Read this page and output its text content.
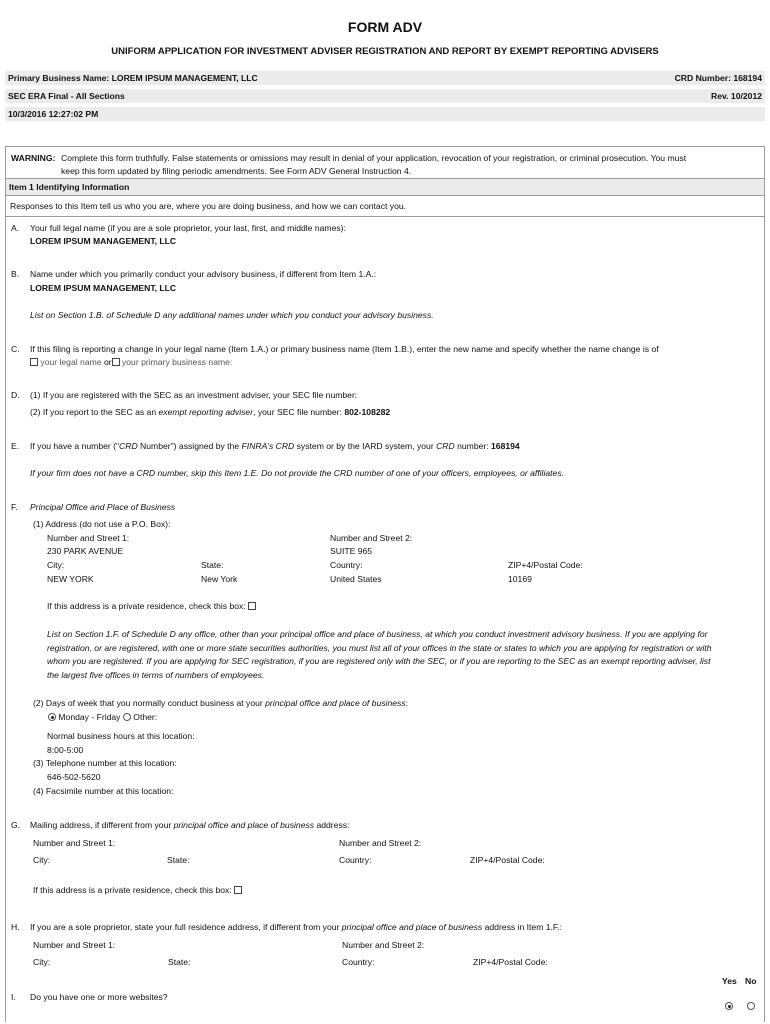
FORM ADV
UNIFORM APPLICATION FOR INVESTMENT ADVISER REGISTRATION AND REPORT BY EXEMPT REPORTING ADVISERS
Primary Business Name: LOREM IPSUM MANAGEMENT, LLC	CRD Number: 168194
SEC ERA Final - All Sections	Rev. 10/2012
10/3/2016 12:27:02 PM
WARNING: Complete this form truthfully. False statements or omissions may result in denial of your application, revocation of your registration, or criminal prosecution. You must
keep this form updated by filing periodic amendments. See Form ADV General Instruction 4.
Item 1 Identifying Information
Responses to this Item tell us who you are, where you are doing business, and how we can contact you.
A. Your full legal name (if you are a sole proprietor, your last, first, and middle names):
LOREM IPSUM MANAGEMENT, LLC
B. Name under which you primarily conduct your advisory business, if different from Item 1.A.:
LOREM IPSUM MANAGEMENT, LLC
List on Section 1.B. of Schedule D any additional names under which you conduct your advisory business.
C. If this filing is reporting a change in your legal name (Item 1.A.) or primary business name (Item 1.B.), enter the new name and specify whether the name change is of
your legal name or your primary business name:
D. (1) If you are registered with the SEC as an investment adviser, your SEC file number:
(2) If you report to the SEC as an exempt reporting adviser, your SEC file number: 802-108282
E. If you have a number ("CRD Number") assigned by the FINRA's CRD system or by the IARD system, your CRD number: 168194
If your firm does not have a CRD number, skip this Item 1.E. Do not provide the CRD number of one of your officers, employees, or affiliates.
F. Principal Office and Place of Business
(1) Address (do not use a P.O. Box):
Number and Street 1:	Number and Street 2:
230 PARK AVENUE	SUITE 965
City:	State:	Country:	ZIP+4/Postal Code:
NEW YORK	New York	United States	10169
If this address is a private residence, check this box:
List on Section 1.F. of Schedule D any office, other than your principal office and place of business, at which you conduct investment advisory business. If you are applying for
registration, or are registered, with one or more state securities authorities, you must list all of your offices in the state or states to which you are applying for registration or with
whom you are registered. If you are applying for SEC registration, if you are registered only with the SEC, or if you are reporting to the SEC as an exempt reporting adviser, list
the largest five offices in terms of numbers of employees.
(2) Days of week that you normally conduct business at your principal office and place of business:
Monday - Friday Other:
Normal business hours at this location:
8:00-5:00
(3) Telephone number at this location:
646-502-5620
(4) Facsimile number at this location:
G. Mailing address, if different from your principal office and place of business address:
Number and Street 1:	Number and Street 2:
City:	State:	Country:	ZIP+4/Postal Code:
If this address is a private residence, check this box:
H. If you are a sole proprietor, state your full residence address, if different from your principal office and place of business address in Item 1.F.:
Number and Street 1:	Number and Street 2:
City:	State:	Country:	ZIP+4/Postal Code:
Yes No
I. Do you have one or more websites?
